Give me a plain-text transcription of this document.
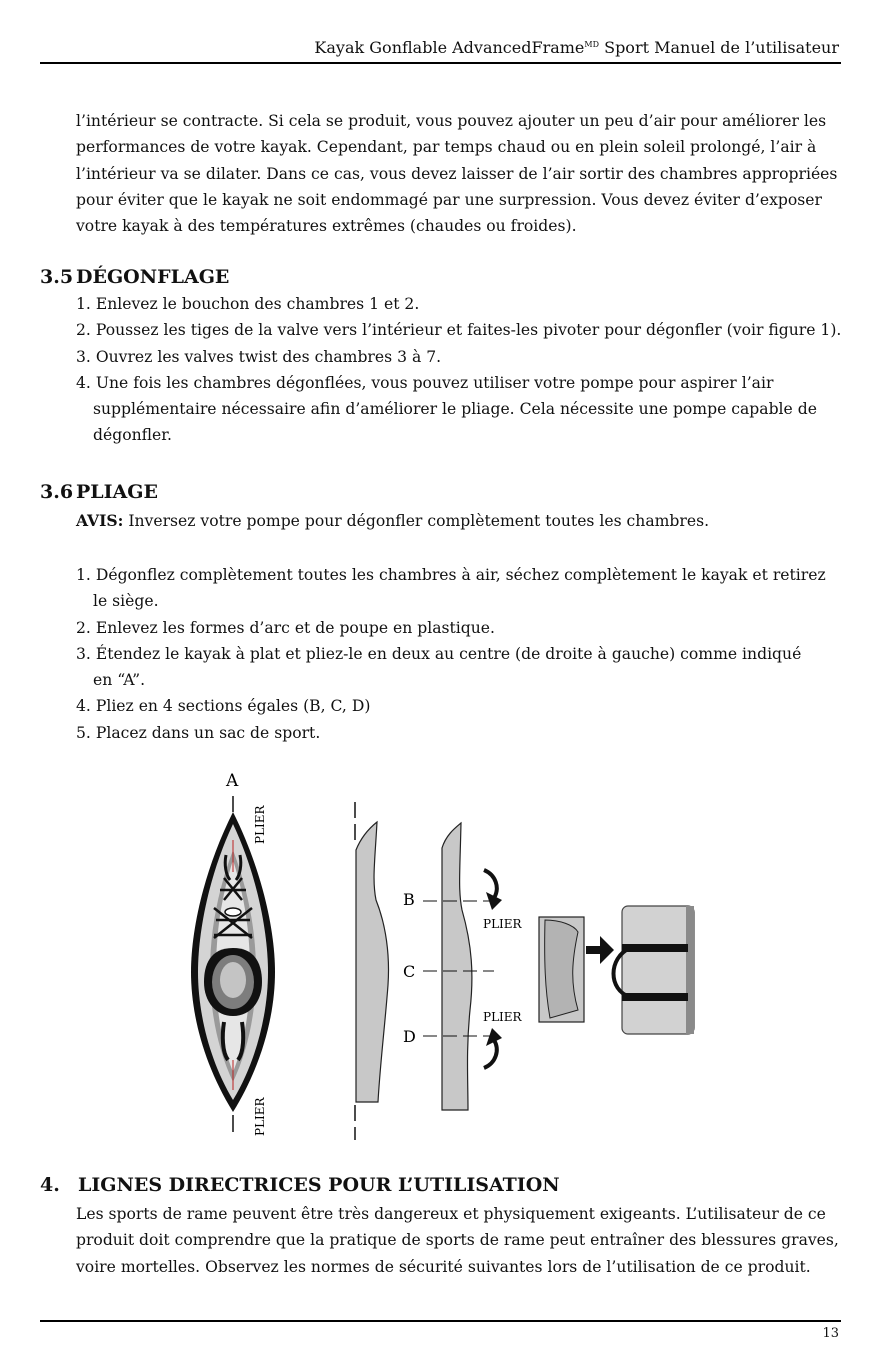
Kayak Gonflable AdvancedFrame$^{MD}$ Sport Manuel de l’utilisateur
l’intérieur se contracte. Si cela se produit, vous pouvez ajouter un peu d’air pour améliorer les
performances de votre kayak. Cependant, par temps chaud ou en plein soleil prolongé, l’air à
l’intérieur va se dilater. Dans ce cas, vous devez laisser de l’air sortir des chambres appropriées
pour éviter que le kayak ne soit endommagé par une surpression. Vous devez éviter d’exposer
votre kayak à des températures extrêmes (chaudes ou froides).
3.5 DÉGONFLAGE
1. Enlevez le bouchon des chambres 1 et 2.
2. Poussez les tiges de la valve vers l’intérieur et faites-les pivoter pour dégonfler (voir figure 1).
3. Ouvrez les valves twist des chambres 3 à 7.
4. Une fois les chambres dégonflées, vous pouvez utiliser votre pompe pour aspirer l’air
supplémentaire nécessaire afin d’améliorer le pliage. Cela nécessite une pompe capable de
dégonfler.
3.6 PLIAGE
AVIS: Inversez votre pompe pour dégonfler complètement toutes les chambres.
1. Dégonflez complètement toutes les chambres à air, séchez complètement le kayak et retirez
le siège.
2. Enlevez les formes d’arc et de poupe en plastique.
3. Étendez le kayak à plat et pliez-le en deux au centre (de droite à gauche) comme indiqué
en “A”.
4. Pliez en 4 sections égales (B, C, D)
5. Placez dans un sac de sport.
A
PLIER
PLIER
B
C
D
PLIER
PLIER
4. LIGNES DIRECTRICES POUR L’UTILISATION
Les sports de rame peuvent être très dangereux et physiquement exigeants. L’utilisateur de ce
produit doit comprendre que la pratique de sports de rame peut entraîner des blessures graves,
voire mortelles. Observez les normes de sécurité suivantes lors de l’utilisation de ce produit.
13
